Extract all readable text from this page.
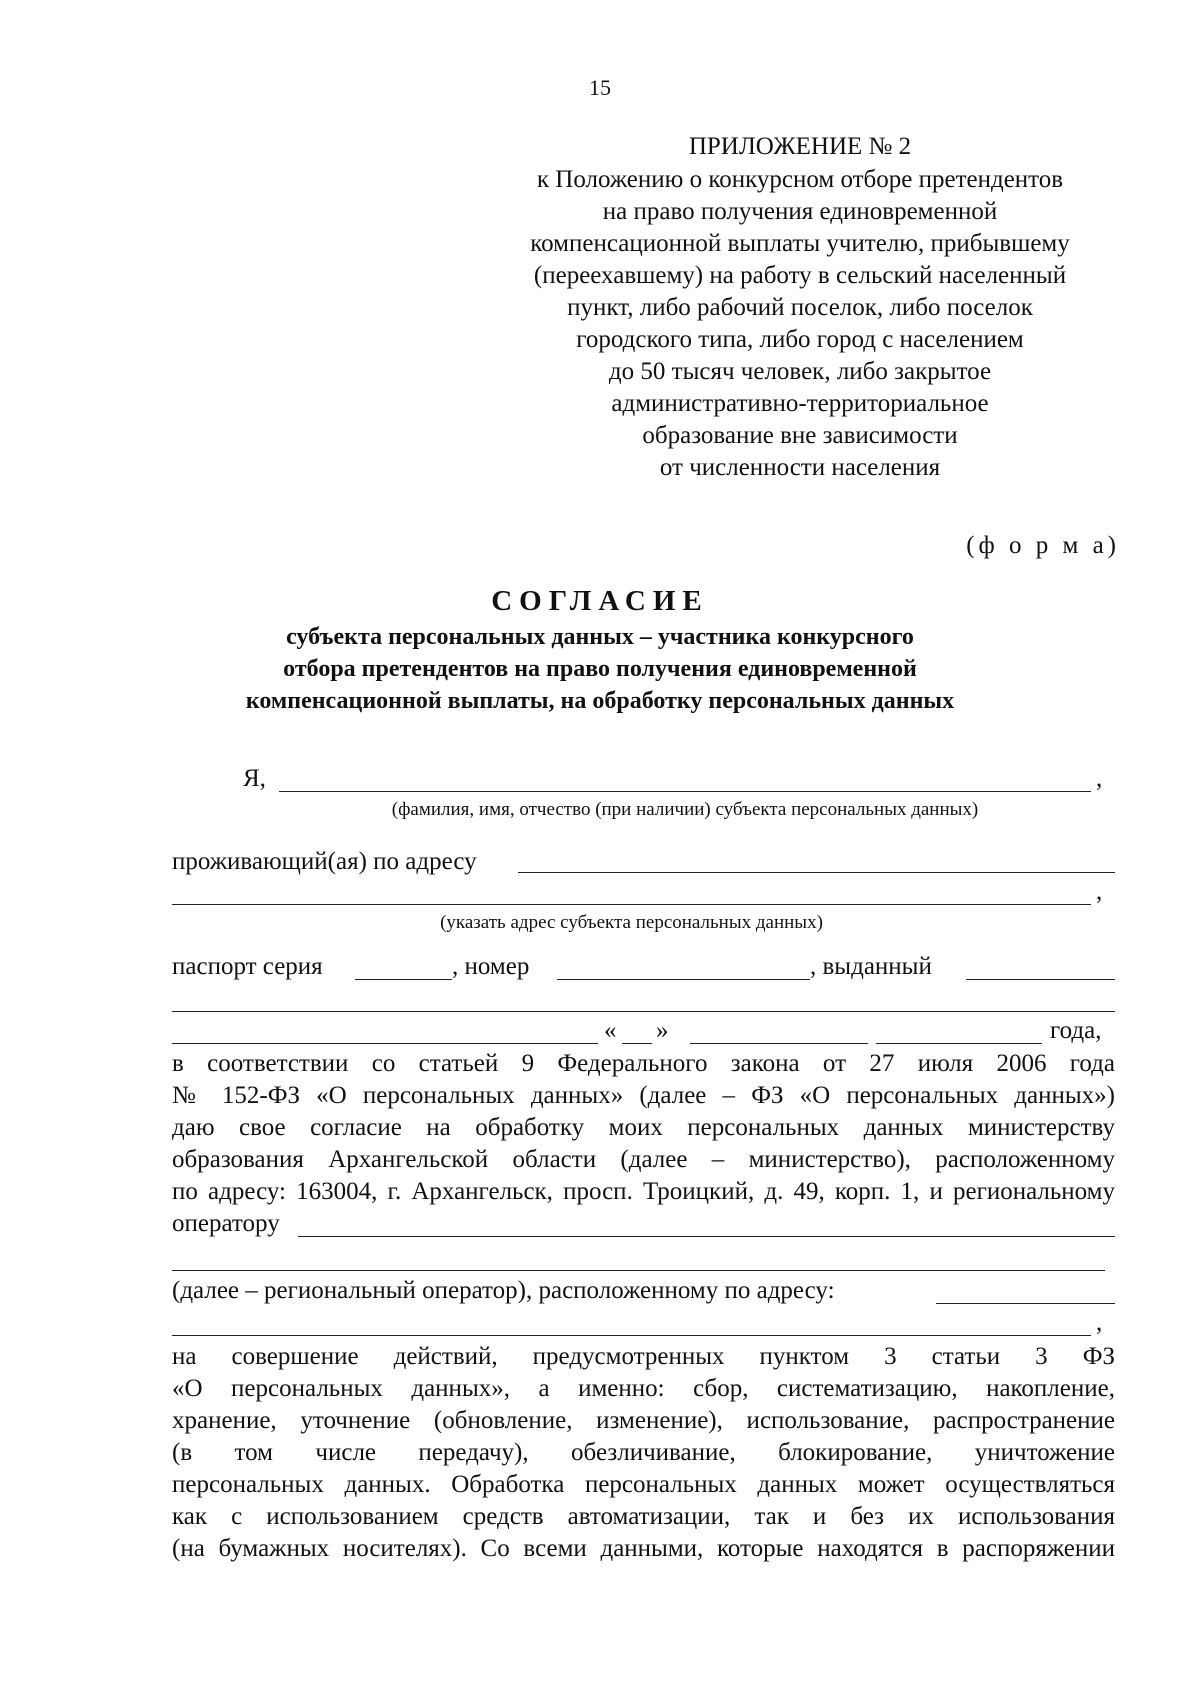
15
ПРИЛОЖЕНИЕ № 2
к Положению о конкурсном отборе претендентов
на право получения единовременной
компенсационной выплаты учителю, прибывшему
(переехавшему) на работу в сельский населенный
пункт, либо рабочий поселок, либо поселок
городского типа, либо город с населением
до 50 тысяч человек, либо закрытое
административно-территориальное
образование вне зависимости
от численности населения
(ф о р м а)
СОГЛАСИЕ
субъекта персональных данных – участника конкурсного
отбора претендентов на право получения единовременной
компенсационной выплаты, на обработку персональных данных
Я,	,
(фамилия, имя, отчество (при наличии) субъекта персональных данных)
проживающий(ая) по адресу
,
(указать адрес субъекта персональных данных)
паспорт серия	, номер	, выданный
« »	года,
в соответствии со статьей 9 Федерального закона от 27 июля 2006 года
№ 152-ФЗ «О персональных данных» (далее – ФЗ «О персональных данных»)
даю свое согласие на обработку моих персональных данных министерству
образования Архангельской области (далее – министерство), расположенному
по адресу: 163004, г. Архангельск, просп. Троицкий, д. 49, корп. 1, и региональному
оператору
(далее – региональный оператор), расположенному по адресу:
,
на совершение действий, предусмотренных пунктом 3 статьи 3 ФЗ
«О персональных данных», а именно: сбор, систематизацию, накопление,
хранение, уточнение (обновление, изменение), использование, распространение
(в том числе передачу), обезличивание, блокирование, уничтожение
персональных данных. Обработка персональных данных может осуществляться
как с использованием средств автоматизации, так и без их использования
(на бумажных носителях). Со всеми данными, которые находятся в распоряжении
